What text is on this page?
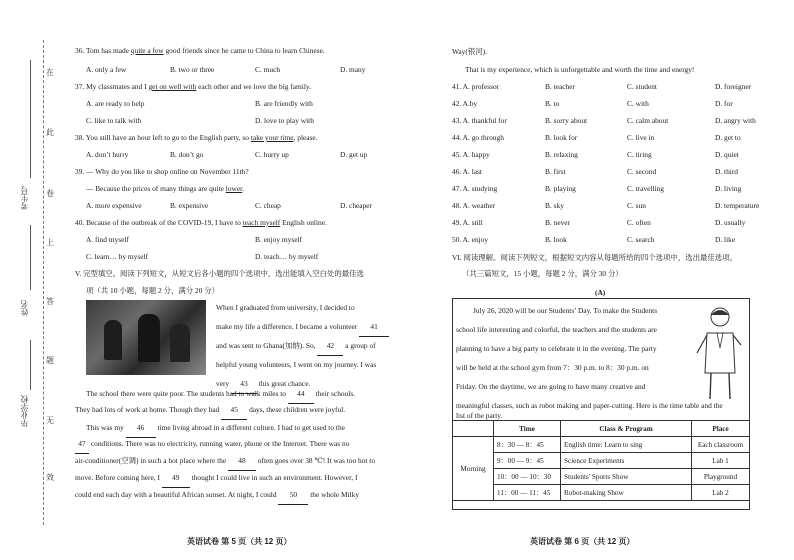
在
此
卷
上
答
题
无
效
考生号
姓名
毕业学校
36. Tom has made quite a few good friends since he came to China to learn Chinese.
A. only a few	B. two or three	C. much	D. many
37. My classmates and I get on well with each other and we love the big family.
A. are ready to help	B. are friendly with
C. like to talk with	D. love to play with
38. You still have an hour left to go to the English party, so take your time, please.
A. don’t hurry	B. don’t go	C. hurry up	D. get up
39. — Why do you like to shop online on November 11th?
— Because the prices of many things are quite lower.
A. more expensive	B. expensive	C. cheap	D. cheaper
40. Because of the outbreak of the COVID-19, I have to teach myself English online.
A. find myself	B. enjoy myself
C. learn… by myself	D. teach… by myself
V. 完型填空。阅读下列短文，从短文后各小题的四个选项中，选出能填入空白处的最佳选
项（共 10 小题，每题 2 分，满分 20 分）
When I graduated from university, I decided to
make my life a difference. I became a volunteer 41
and was sent to Ghana(加纳). So, 42 a group of
helpful young volunteers, I went on my journey. I was
very 43 this great chance.
The school there were quite poor. The students had to walk miles to 44 their schools.
They had lots of work at home. Though they had 45 days, these children were joyful.
This was my 46 time living abroad in a different culture. I had to get used to the
47 conditions. There was no electricity, running water, phone or the Internet. There was no
air-conditioner(空调) in such a hot place where the 48 often goes over 38 ℃! It was too hot to
move. Before coming here, I 49 thought I could live in such an environment. However, I
could end each day with a beautiful African sunset. At night, I could 50 the whole Milky
英语试卷 第 5 页（共 12 页）
Way(银河).
That is my experience, which is unforgettable and worth the time and energy!
41. A. professor	B. teacher	C. student	D. foreigner
42. A.by	B. to	C. with	D. for
43. A. thankful for	B. sorry about	C. calm about	D. angry with
44. A. go through	B. look for	C. live in	D. get to
45. A. happy	B. relaxing	C. tiring	D. quiet
46. A. last	B. first	C. second	D. third
47. A. studying	B. playing	C. travelling	D. living
48. A. weather	B. sky	C. sun	D. temperature
49. A. still	B. never	C. often	D. usually
50. A. enjoy	B. look	C. search	D. like
VI. 阅读理解。阅读下列短文，根据短文内容从每题所给的四个选项中，选出最佳选项。
（共三篇短文，15 小题，每题 2 分，满分 30 分）
(A)
July 26, 2020 will be our Students’ Day. To make the Students
school life interesting and colorful, the teachers and the students are
planning to have a big party to celebrate it in the evening. The party
will be held at the school gym from 7：30 p.m. to 8：30 p.m. on
Friday. On the daytime, we are going to have many creative and
meaningful classes, such as robot making and paper-cutting. Here is the time table and the
list of the party.
	Time	Class & Program	Place
Morning	8：30 — 8：45	English time: Learn to sing	Each classroom
	9：00 — 9：45	Science Experiments	Lab 1
	10：00 — 10：30	Students' Sports Show	Playground
	11：00 — 11：45	Robot-making Show	Lab 2
英语试卷 第 6 页（共 12 页）
